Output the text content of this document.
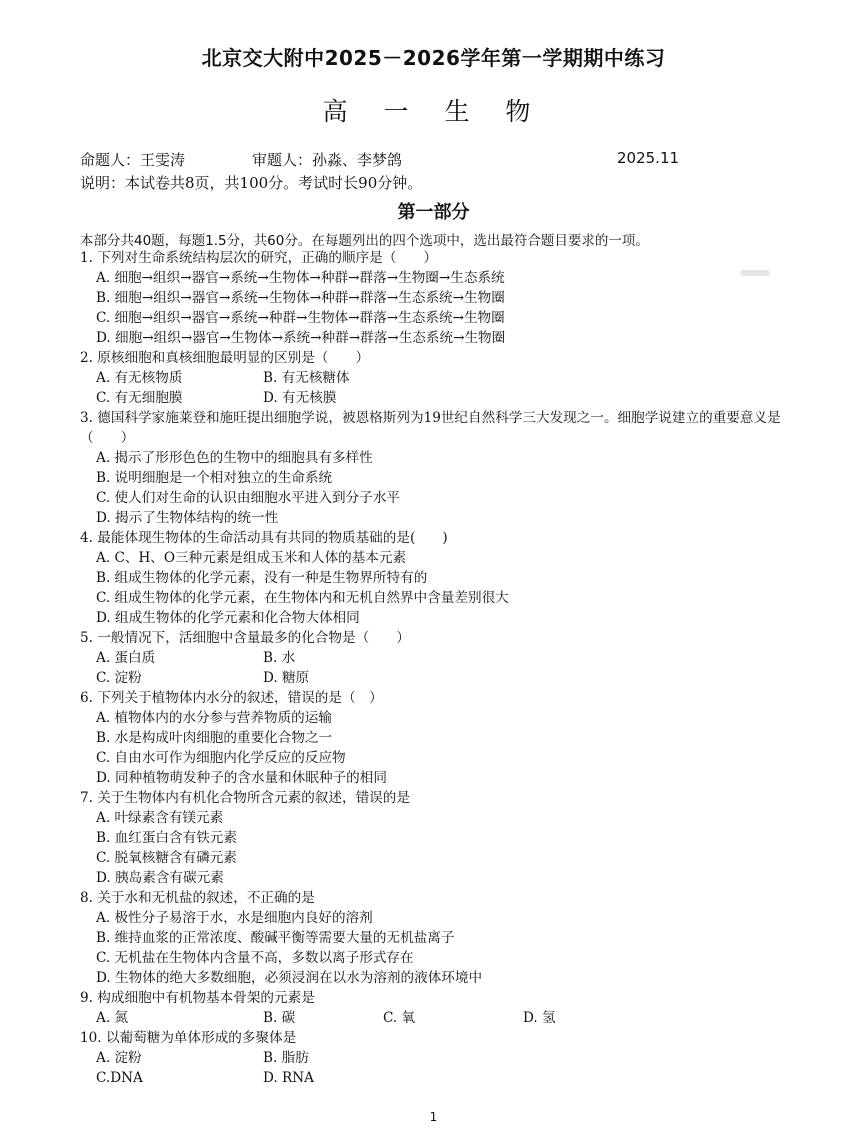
北京交大附中2025－2026学年第一学期期中练习
高 一 生 物
命题人：王雯涛	审题人：孙淼、李梦鸽	2025.11
说明：本试卷共8页，共100分。考试时长90分钟。
第一部分
本部分共40题，每题1.5分，共60分。在每题列出的四个选项中，选出最符合题目要求的一项。
1. 下列对生命系统结构层次的研究，正确的顺序是（　　）
A. 细胞→组织→器官→系统→生物体→种群→群落→生物圈→生态系统
B. 细胞→组织→器官→系统→生物体→种群→群落→生态系统→生物圈
C. 细胞→组织→器官→系统→种群→生物体→群落→生态系统→生物圈
D. 细胞→组织→器官→生物体→系统→种群→群落→生态系统→生物圈
2. 原核细胞和真核细胞最明显的区别是（　　）
A. 有无核物质	B. 有无核糖体
C. 有无细胞膜	D. 有无核膜
3. 德国科学家施莱登和施旺提出细胞学说，被恩格斯列为19世纪自然科学三大发现之一。细胞学说建立的重要意义是（　　）
A. 揭示了形形色色的生物中的细胞具有多样性
B. 说明细胞是一个相对独立的生命系统
C. 使人们对生命的认识由细胞水平进入到分子水平
D. 揭示了生物体结构的统一性
4. 最能体现生物体的生命活动具有共同的物质基础的是(　　)
A. C、H、O三种元素是组成玉米和人体的基本元素
B. 组成生物体的化学元素，没有一种是生物界所特有的
C. 组成生物体的化学元素，在生物体内和无机自然界中含量差别很大
D. 组成生物体的化学元素和化合物大体相同
5. 一般情况下，活细胞中含量最多的化合物是（　　）
A. 蛋白质	B. 水
C. 淀粉	D. 糖原
6. 下列关于植物体内水分的叙述，错误的是（　）
A. 植物体内的水分参与营养物质的运输
B. 水是构成叶肉细胞的重要化合物之一
C. 自由水可作为细胞内化学反应的反应物
D. 同种植物萌发种子的含水量和休眠种子的相同
7. 关于生物体内有机化合物所含元素的叙述，错误的是
A. 叶绿素含有镁元素
B. 血红蛋白含有铁元素
C. 脱氧核糖含有磷元素
D. 胰岛素含有碳元素
8. 关于水和无机盐的叙述，不正确的是
A. 极性分子易溶于水，水是细胞内良好的溶剂
B. 维持血浆的正常浓度、酸碱平衡等需要大量的无机盐离子
C. 无机盐在生物体内含量不高，多数以离子形式存在
D. 生物体的绝大多数细胞，必须浸润在以水为溶剂的液体环境中
9. 构成细胞中有机物基本骨架的元素是
A. 氮	B. 碳	C. 氧	D. 氢
10. 以葡萄糖为单体形成的多聚体是
A. 淀粉	B. 脂肪
C.DNA	D. RNA
1
